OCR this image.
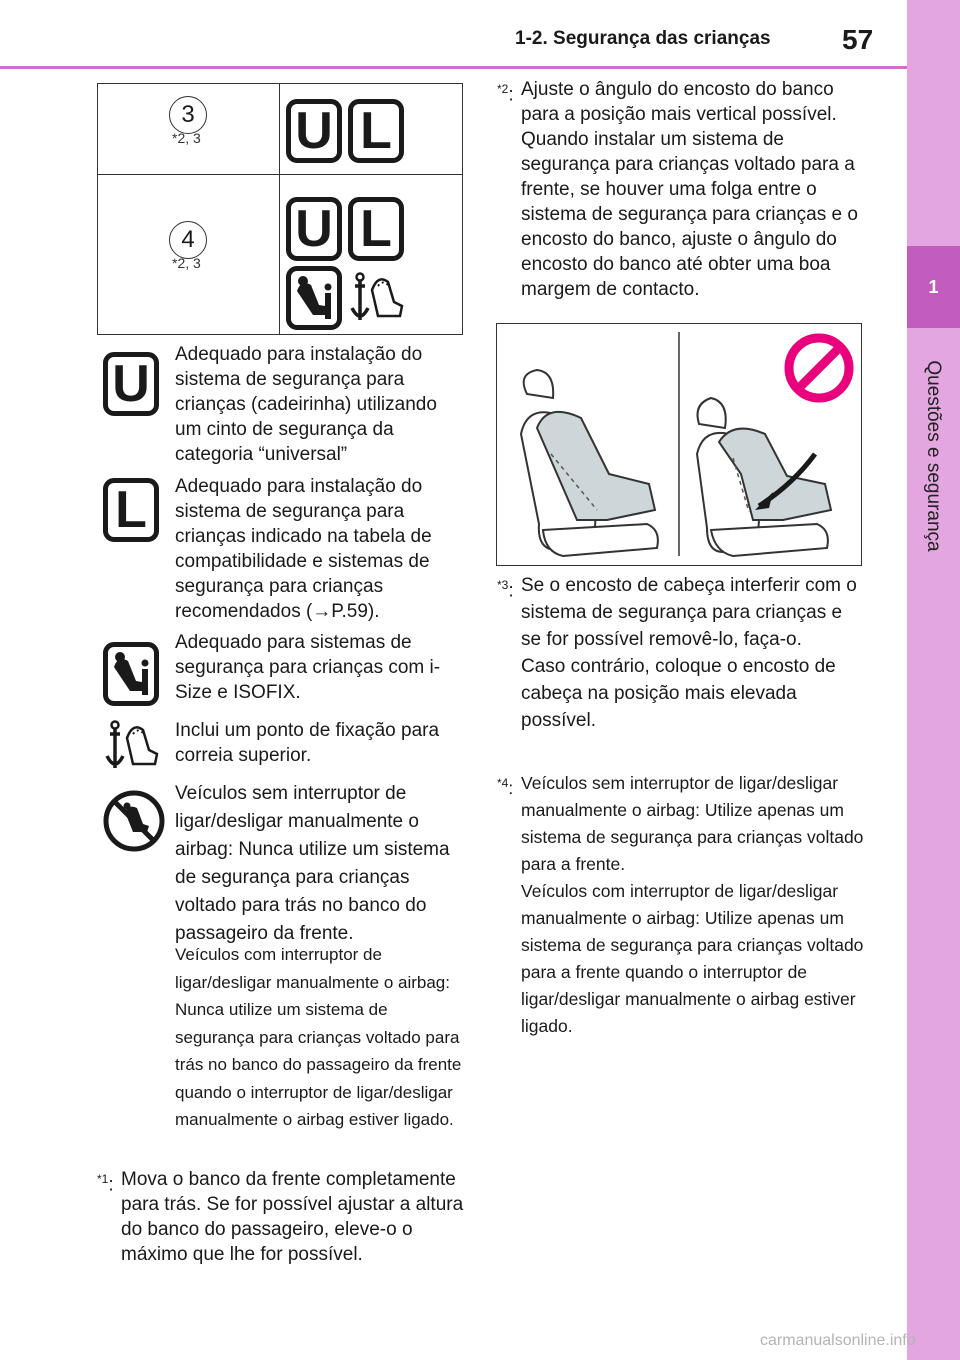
1-2. Segurança das crianças	57
1
Questões e segurança
3
*2, 3 U L
4
*2, 3
U L
U
Adequado para instalação do sistema de segurança para crianças (cadeirinha) utilizando um cinto de segurança da categoria “universal”
L	Adequado para instalação do sistema de segurança para crianças indicado na tabela de compatibilidade e sistemas de segurança para crianças recomendados (→P.59).
Adequado para sistemas de segurança para crianças com i-Size e ISOFIX.
Inclui um ponto de fixação para correia superior.
Veículos sem interruptor de ligar/desligar manualmente o airbag: Nunca utilize um sistema de segurança para crianças voltado para trás no banco do passageiro da frente.
Veículos com interruptor de ligar/desligar manualmente o airbag: Nunca utilize um sistema de segurança para crianças voltado para trás no banco do passageiro da frente quando o interruptor de ligar/desligar manualmente o airbag estiver ligado.
$^{*1}$: Mova o banco da frente completamente para trás. Se for possível ajustar a altura do banco do passageiro, eleve-o o máximo que lhe for possível.
$^{*2}$: Ajuste o ângulo do encosto do banco para a posição mais vertical possível. Quando instalar um sistema de segurança para crianças voltado para a frente, se houver uma folga entre o sistema de segurança para crianças e o encosto do banco, ajuste o ângulo do encosto do banco até obter uma boa margem de contacto.
$^{*3}$: Se o encosto de cabeça interferir com o sistema de segurança para crianças e se for possível removê-lo, faça-o.
Caso contrário, coloque o encosto de cabeça na posição mais elevada possível.
$^{*4}$: Veículos sem interruptor de ligar/desligar manualmente o airbag: Utilize apenas um sistema de segurança para crianças voltado para a frente.
Veículos com interruptor de ligar/desligar manualmente o airbag: Utilize apenas um sistema de segurança para crianças voltado para a frente quando o interruptor de ligar/desligar manualmente o airbag estiver ligado.
carmanualsonline.info
